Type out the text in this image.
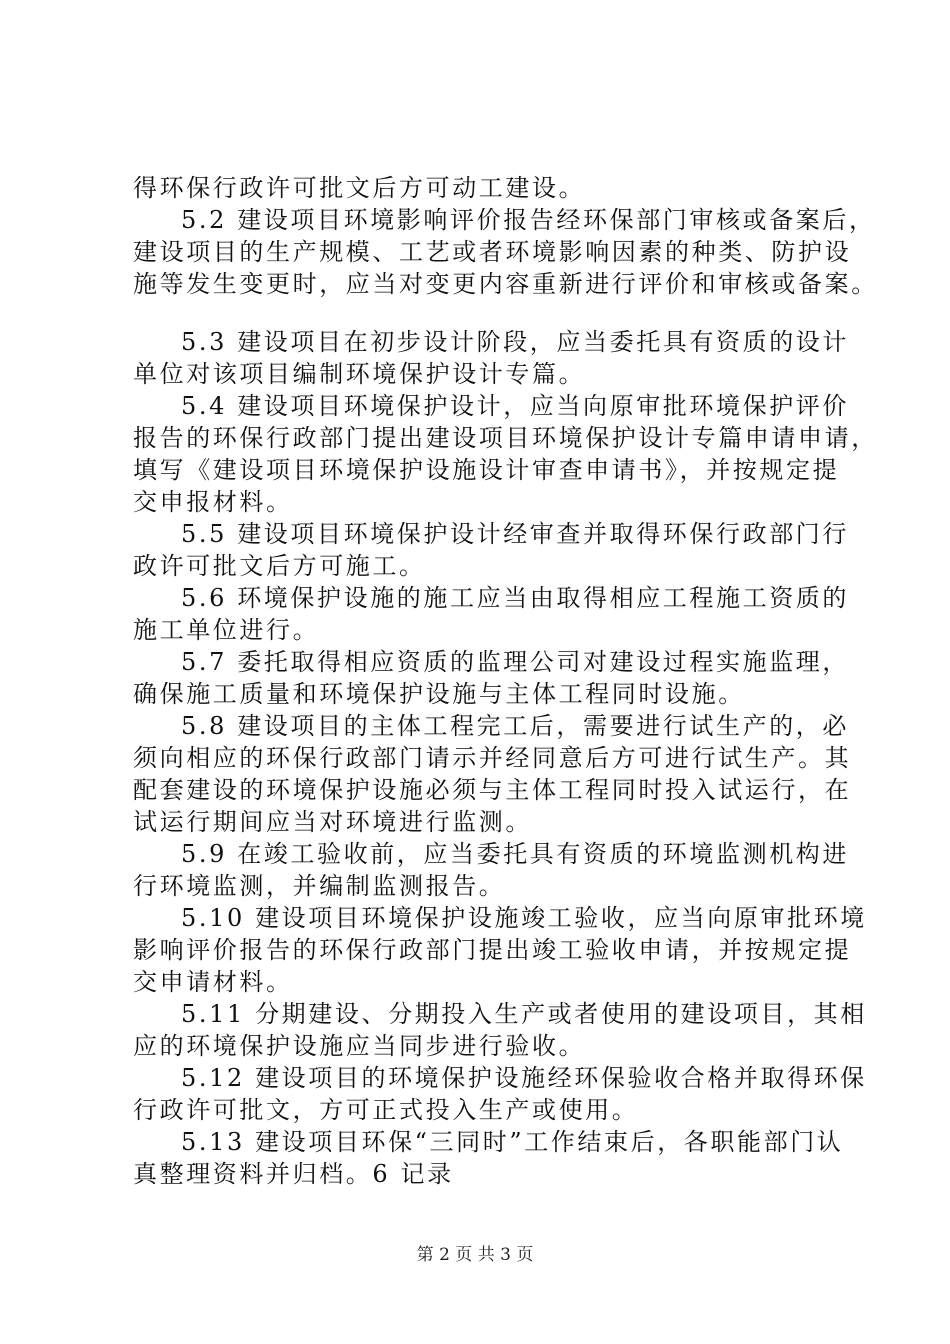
得环保行政许可批文后方可动工建设。
5.2 建设项目环境影响评价报告经环保部门审核或备案后，
建设项目的生产规模、工艺或者环境影响因素的种类、防护设
施等发生变更时，应当对变更内容重新进行评价和审核或备案。
5.3 建设项目在初步设计阶段，应当委托具有资质的设计
单位对该项目编制环境保护设计专篇。
5.4 建设项目环境保护设计，应当向原审批环境保护评价
报告的环保行政部门提出建设项目环境保护设计专篇申请申请，
填写《建设项目环境保护设施设计审查申请书》，并按规定提
交申报材料。
5.5 建设项目环境保护设计经审查并取得环保行政部门行
政许可批文后方可施工。
5.6 环境保护设施的施工应当由取得相应工程施工资质的
施工单位进行。
5.7 委托取得相应资质的监理公司对建设过程实施监理，
确保施工质量和环境保护设施与主体工程同时设施。
5.8 建设项目的主体工程完工后，需要进行试生产的，必
须向相应的环保行政部门请示并经同意后方可进行试生产。其
配套建设的环境保护设施必须与主体工程同时投入试运行，在
试运行期间应当对环境进行监测。
5.9 在竣工验收前，应当委托具有资质的环境监测机构进
行环境监测，并编制监测报告。
5.10 建设项目环境保护设施竣工验收，应当向原审批环境
影响评价报告的环保行政部门提出竣工验收申请，并按规定提
交申请材料。
5.11 分期建设、分期投入生产或者使用的建设项目，其相
应的环境保护设施应当同步进行验收。
5.12 建设项目的环境保护设施经环保验收合格并取得环保
行政许可批文，方可正式投入生产或使用。
5.13 建设项目环保“三同时”工作结束后，各职能部门认
真整理资料并归档。6 记录
第 2 页 共 3 页
